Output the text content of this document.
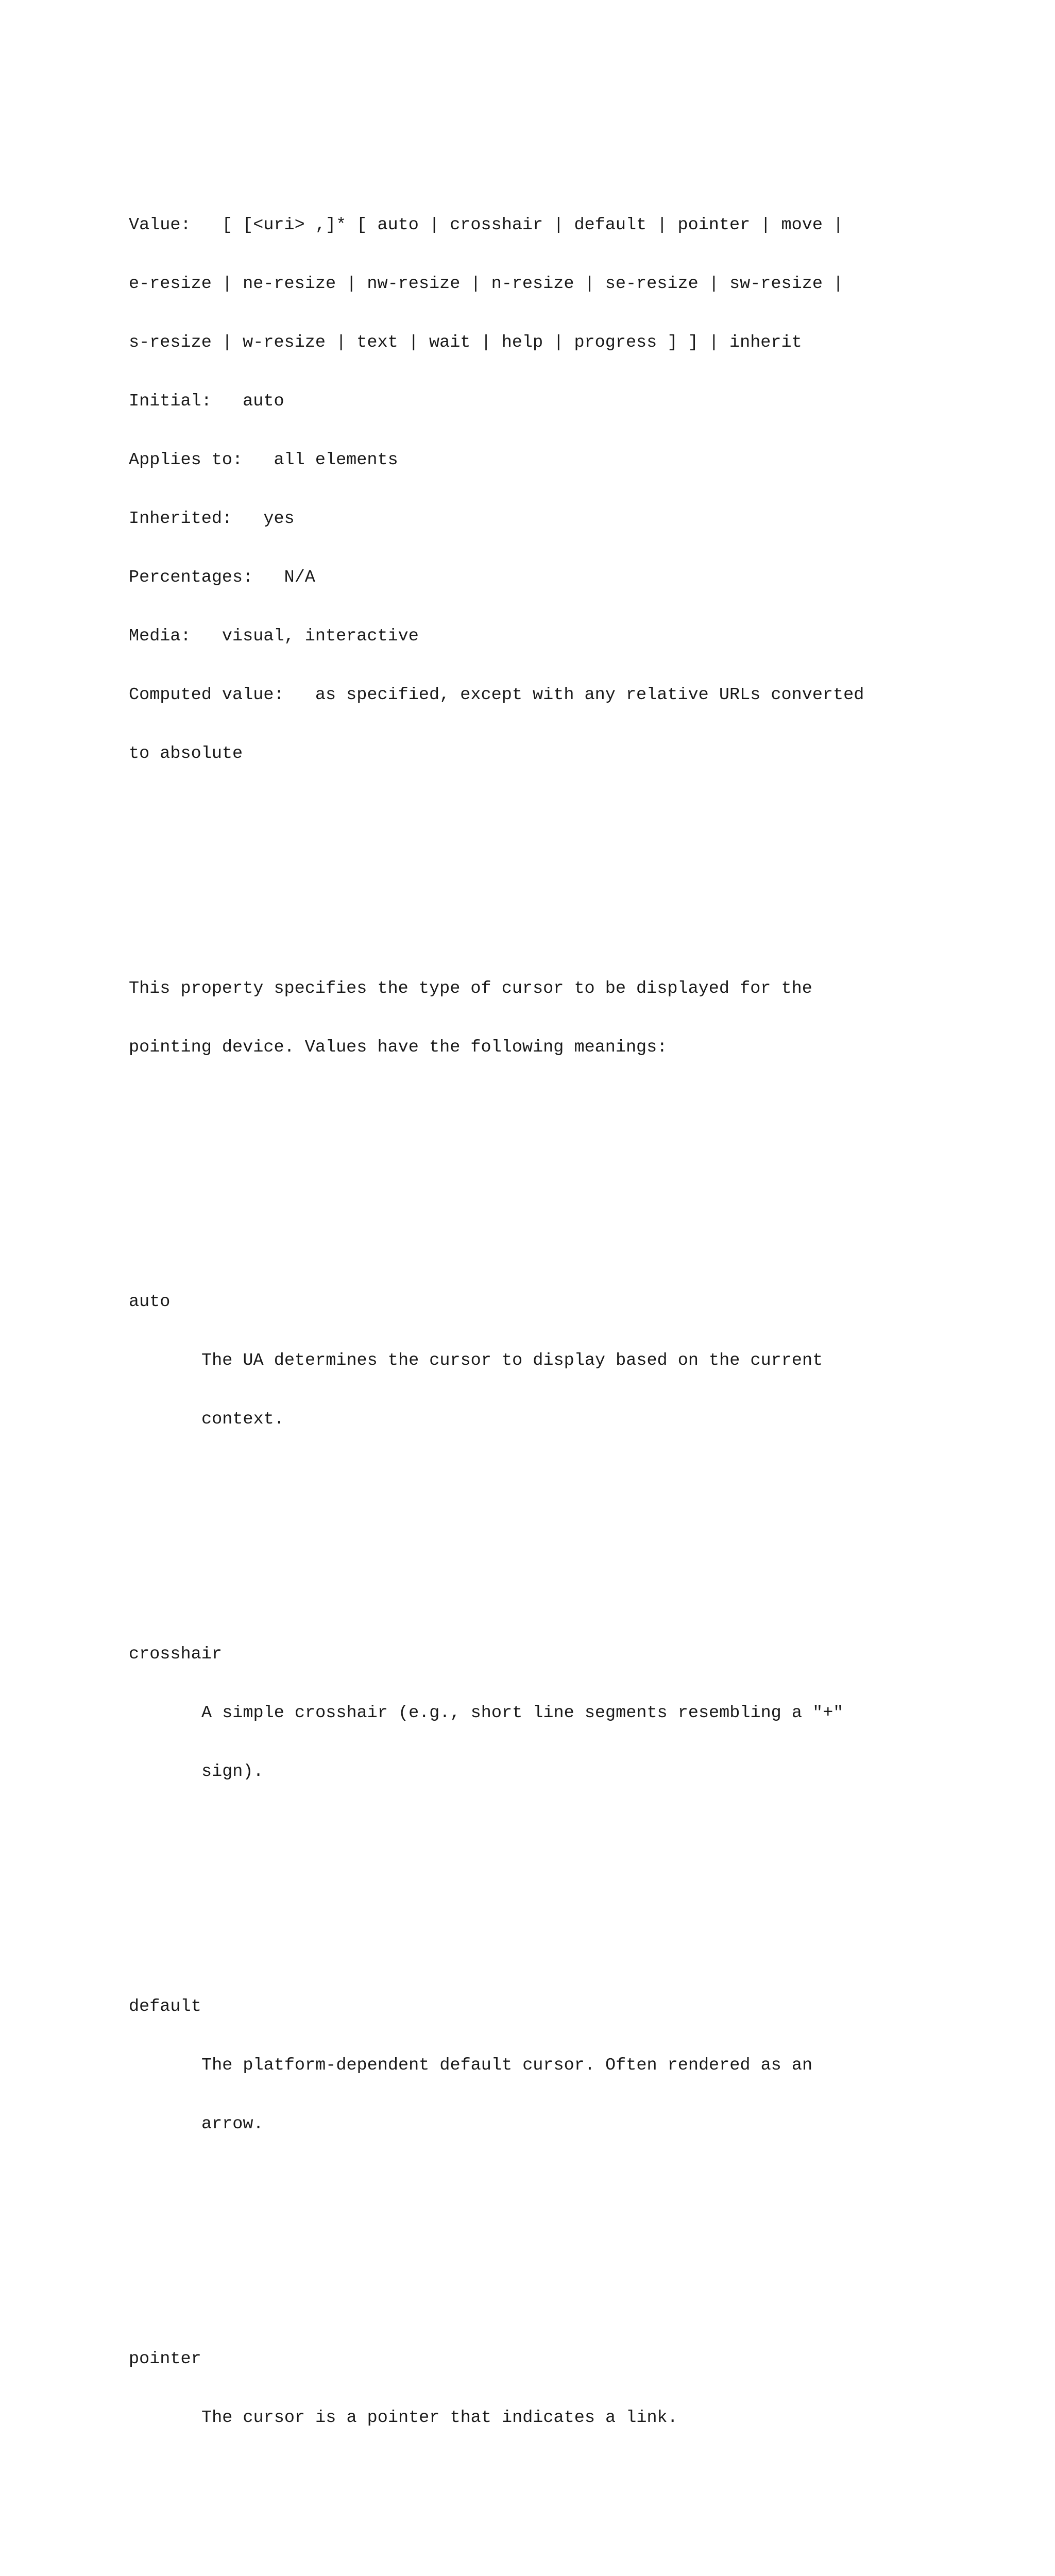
Value:   [ [<uri> ,]* [ auto | crosshair | default | pointer | move |

e-resize | ne-resize | nw-resize | n-resize | se-resize | sw-resize |

s-resize | w-resize | text | wait | help | progress ] ] | inherit

Initial:   auto

Applies to:   all elements

Inherited:   yes

Percentages:   N/A

Media:   visual, interactive

Computed value:   as specified, except with any relative URLs converted

to absolute

This property specifies the type of cursor to be displayed for the

pointing device. Values have the following meanings:

auto

The UA determines the cursor to display based on the current

context.

crosshair

A simple crosshair (e.g., short line segments resembling a "+"

sign).

default

The platform-dependent default cursor. Often rendered as an

arrow.

pointer

The cursor is a pointer that indicates a link.
